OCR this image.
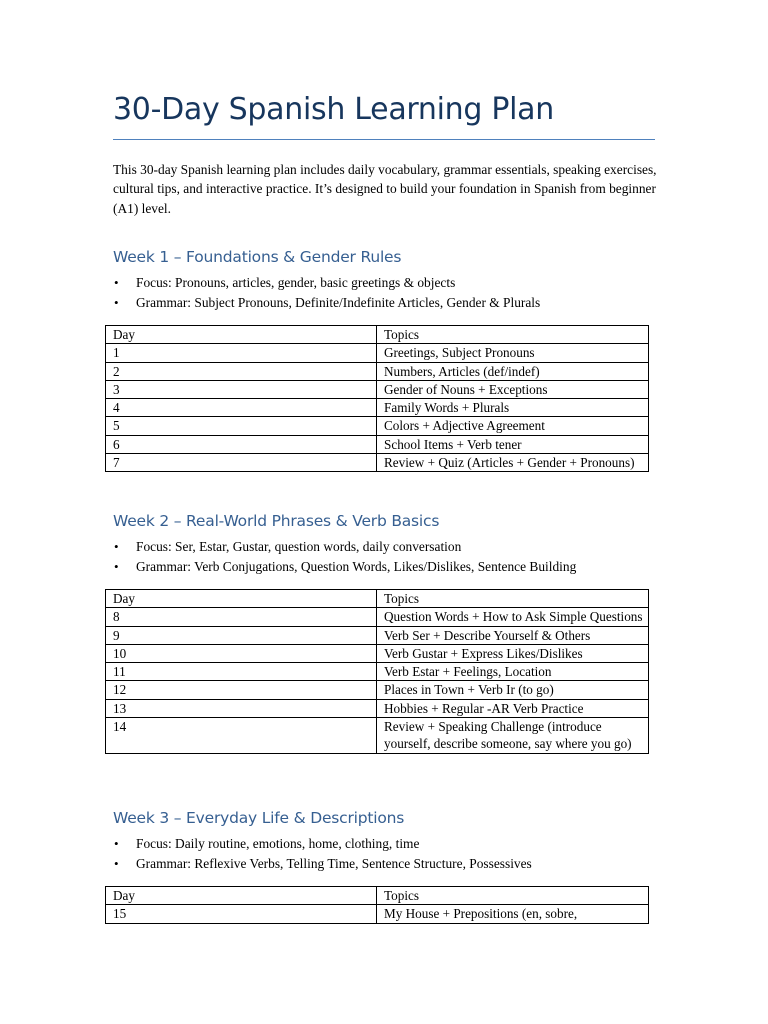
30-Day Spanish Learning Plan
This 30-day Spanish learning plan includes daily vocabulary, grammar essentials, speaking exercises, cultural tips, and interactive practice. It’s designed to build your foundation in Spanish from beginner (A1) level.
Week 1 – Foundations & Gender Rules
• Focus: Pronouns, articles, gender, basic greetings & objects
• Grammar: Subject Pronouns, Definite/Indefinite Articles, Gender & Plurals
Day	Topics
1	Greetings, Subject Pronouns
2	Numbers, Articles (def/indef)
3	Gender of Nouns + Exceptions
4	Family Words + Plurals
5	Colors + Adjective Agreement
6	School Items + Verb tener
7	Review + Quiz (Articles + Gender + Pronouns)
Week 2 – Real-World Phrases & Verb Basics
• Focus: Ser, Estar, Gustar, question words, daily conversation
• Grammar: Verb Conjugations, Question Words, Likes/Dislikes, Sentence Building
Day	Topics
8	Question Words + How to Ask Simple Questions
9	Verb Ser + Describe Yourself & Others
10	Verb Gustar + Express Likes/Dislikes
11	Verb Estar + Feelings, Location
12	Places in Town + Verb Ir (to go)
13	Hobbies + Regular -AR Verb Practice
14	Review + Speaking Challenge (introduce yourself, describe someone, say where you go)
Week 3 – Everyday Life & Descriptions
• Focus: Daily routine, emotions, home, clothing, time
• Grammar: Reflexive Verbs, Telling Time, Sentence Structure, Possessives
Day	Topics
15	My House + Prepositions (en, sobre,
